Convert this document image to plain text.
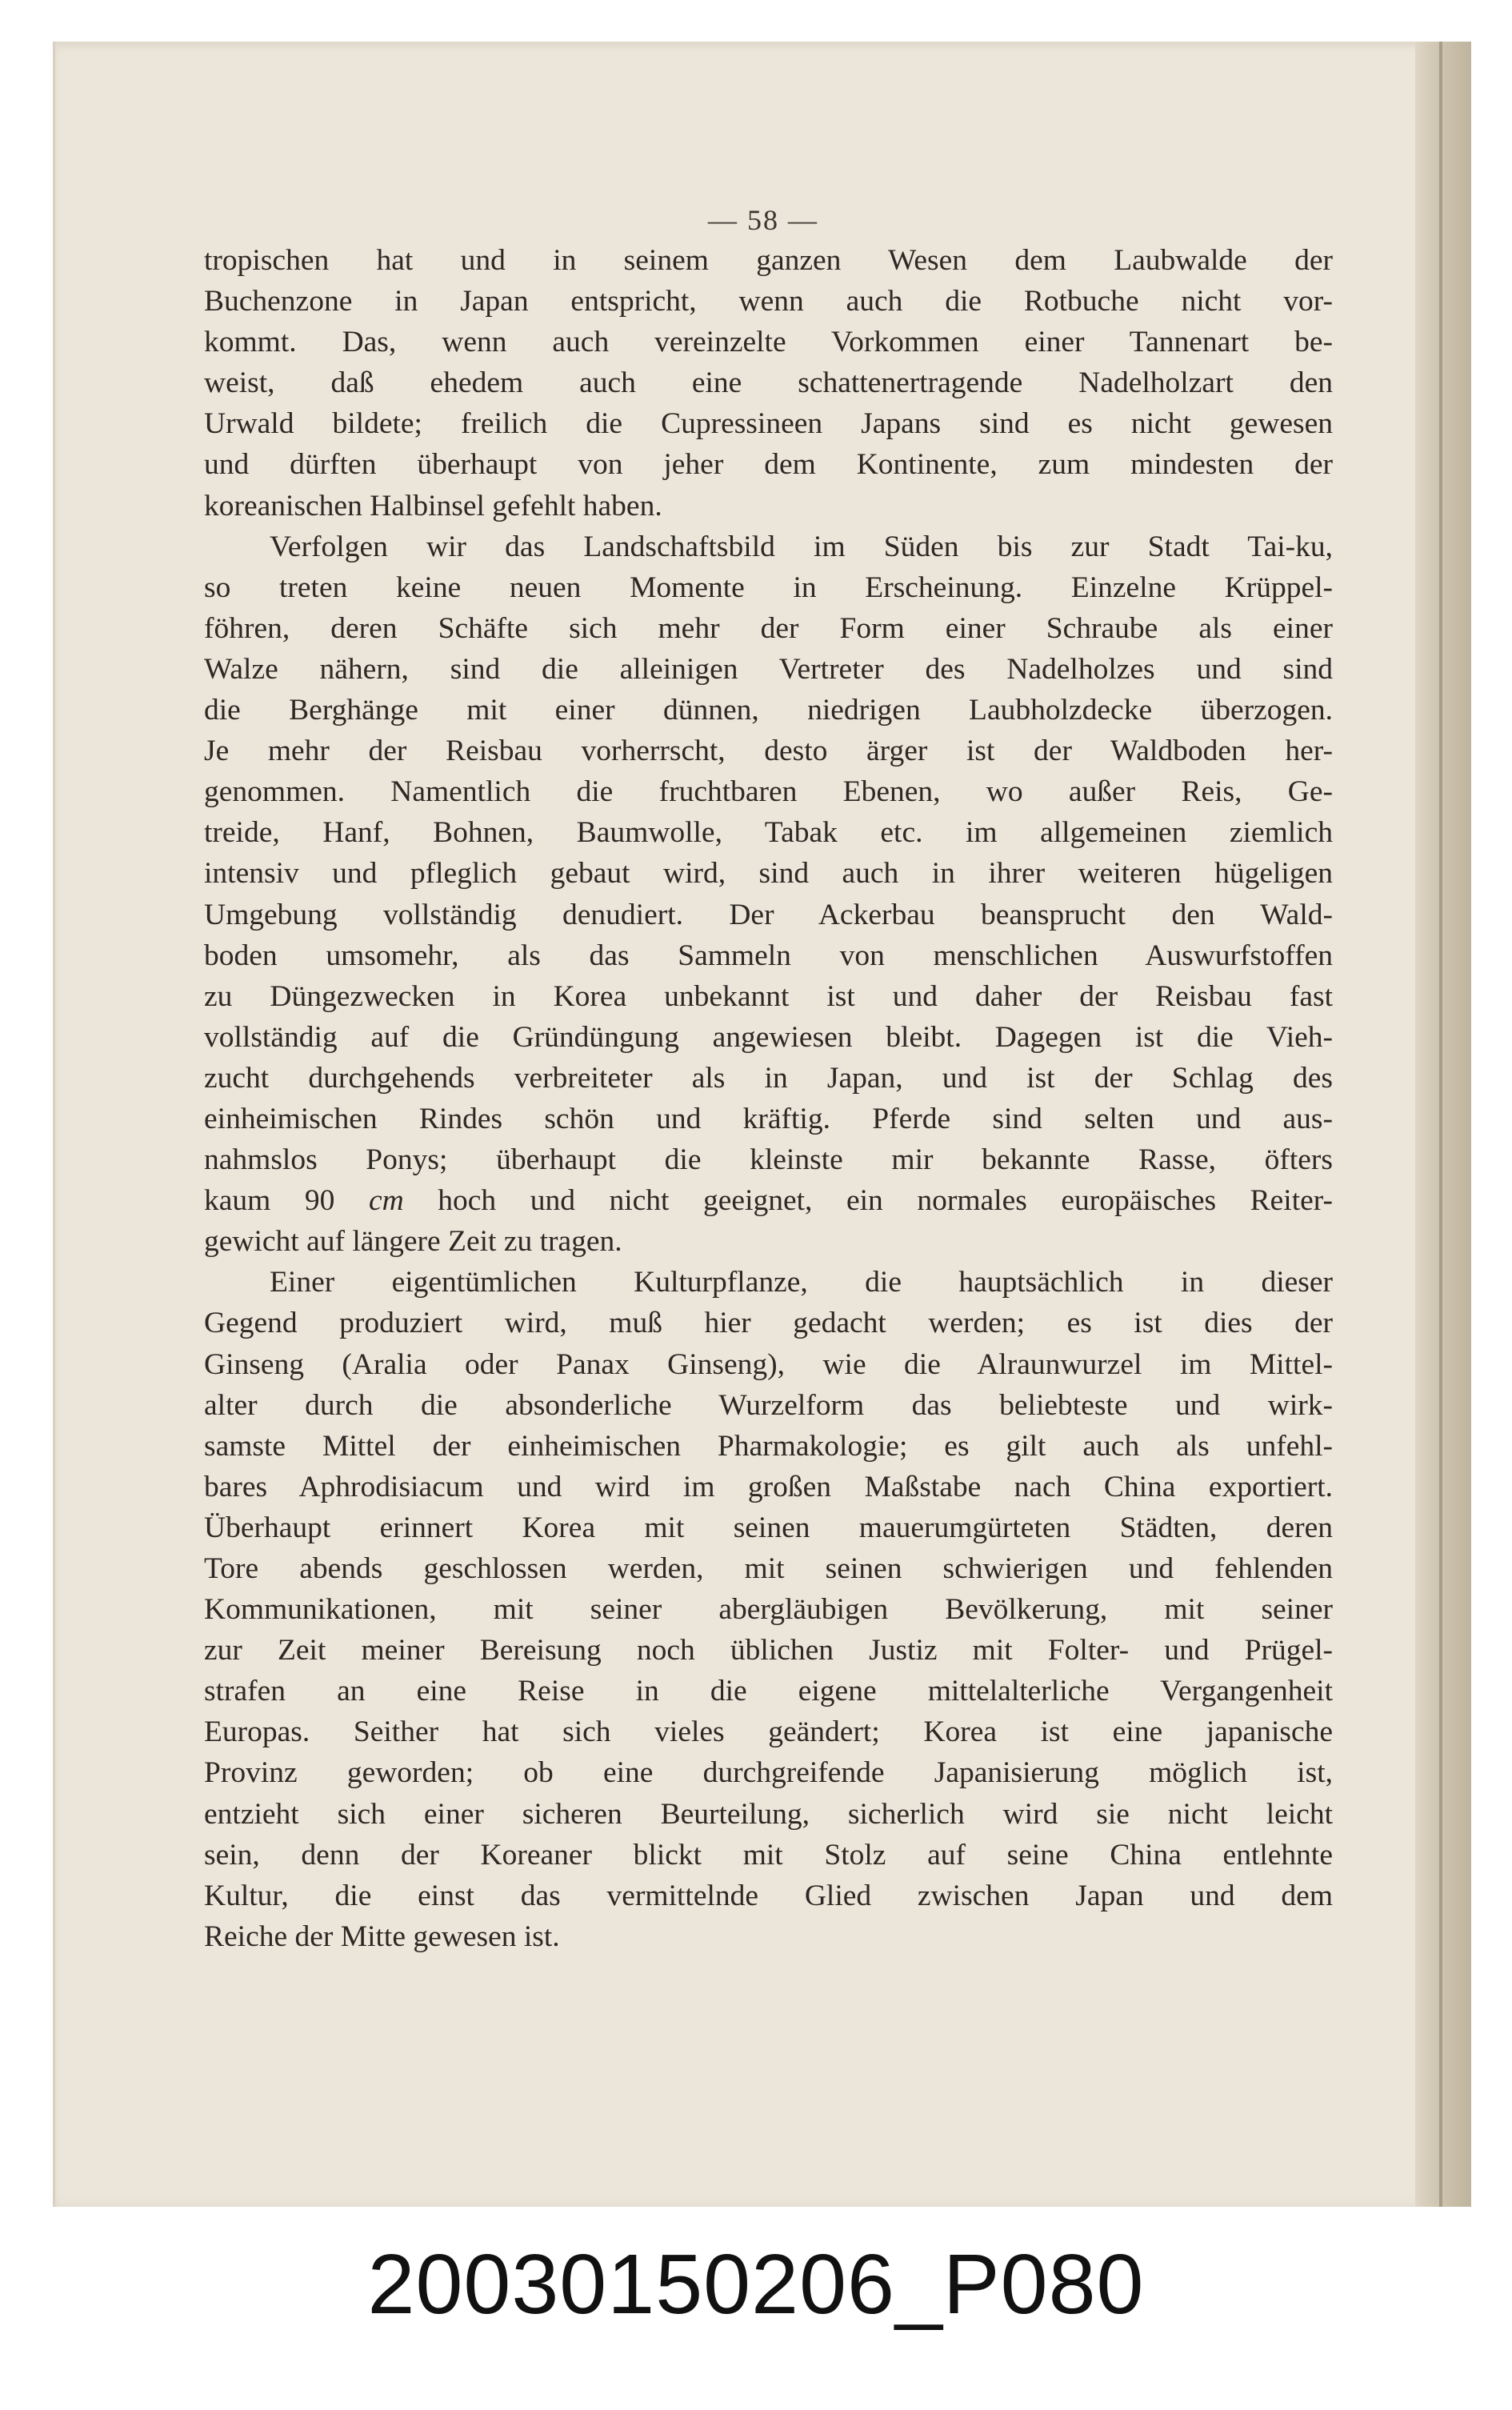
— 58 —
tropischen hat und in seinem ganzen Wesen dem Laubwalde der
Buchenzone in Japan entspricht, wenn auch die Rotbuche nicht vor-
kommt. Das, wenn auch vereinzelte Vorkommen einer Tannenart be-
weist, daß ehedem auch eine schattenertragende Nadelholzart den
Urwald bildete; freilich die Cupressineen Japans sind es nicht gewesen
und dürften überhaupt von jeher dem Kontinente, zum mindesten der
koreanischen Halbinsel gefehlt haben.
Verfolgen wir das Landschaftsbild im Süden bis zur Stadt Tai-ku,
so treten keine neuen Momente in Erscheinung. Einzelne Krüppel-
föhren, deren Schäfte sich mehr der Form einer Schraube als einer
Walze nähern, sind die alleinigen Vertreter des Nadelholzes und sind
die Berghänge mit einer dünnen, niedrigen Laubholzdecke überzogen.
Je mehr der Reisbau vorherrscht, desto ärger ist der Waldboden her-
genommen. Namentlich die fruchtbaren Ebenen, wo außer Reis, Ge-
treide, Hanf, Bohnen, Baumwolle, Tabak etc. im allgemeinen ziemlich
intensiv und pfleglich gebaut wird, sind auch in ihrer weiteren hügeligen
Umgebung vollständig denudiert. Der Ackerbau beansprucht den Wald-
boden umsomehr, als das Sammeln von menschlichen Auswurfstoffen
zu Düngezwecken in Korea unbekannt ist und daher der Reisbau fast
vollständig auf die Gründüngung angewiesen bleibt. Dagegen ist die Vieh-
zucht durchgehends verbreiteter als in Japan, und ist der Schlag des
einheimischen Rindes schön und kräftig. Pferde sind selten und aus-
nahmslos Ponys; überhaupt die kleinste mir bekannte Rasse, öfters
kaum 90 cm hoch und nicht geeignet, ein normales europäisches Reiter-
gewicht auf längere Zeit zu tragen.
Einer eigentümlichen Kulturpflanze, die hauptsächlich in dieser
Gegend produziert wird, muß hier gedacht werden; es ist dies der
Ginseng (Aralia oder Panax Ginseng), wie die Alraunwurzel im Mittel-
alter durch die absonderliche Wurzelform das beliebteste und wirk-
samste Mittel der einheimischen Pharmakologie; es gilt auch als unfehl-
bares Aphrodisiacum und wird im großen Maßstabe nach China exportiert.
Überhaupt erinnert Korea mit seinen mauerumgürteten Städten, deren
Tore abends geschlossen werden, mit seinen schwierigen und fehlenden
Kommunikationen, mit seiner abergläubigen Bevölkerung, mit seiner
zur Zeit meiner Bereisung noch üblichen Justiz mit Folter- und Prügel-
strafen an eine Reise in die eigene mittelalterliche Vergangenheit
Europas. Seither hat sich vieles geändert; Korea ist eine japanische
Provinz geworden; ob eine durchgreifende Japanisierung möglich ist,
entzieht sich einer sicheren Beurteilung, sicherlich wird sie nicht leicht
sein, denn der Koreaner blickt mit Stolz auf seine China entlehnte
Kultur, die einst das vermittelnde Glied zwischen Japan und dem
Reiche der Mitte gewesen ist.
20030150206_P080
